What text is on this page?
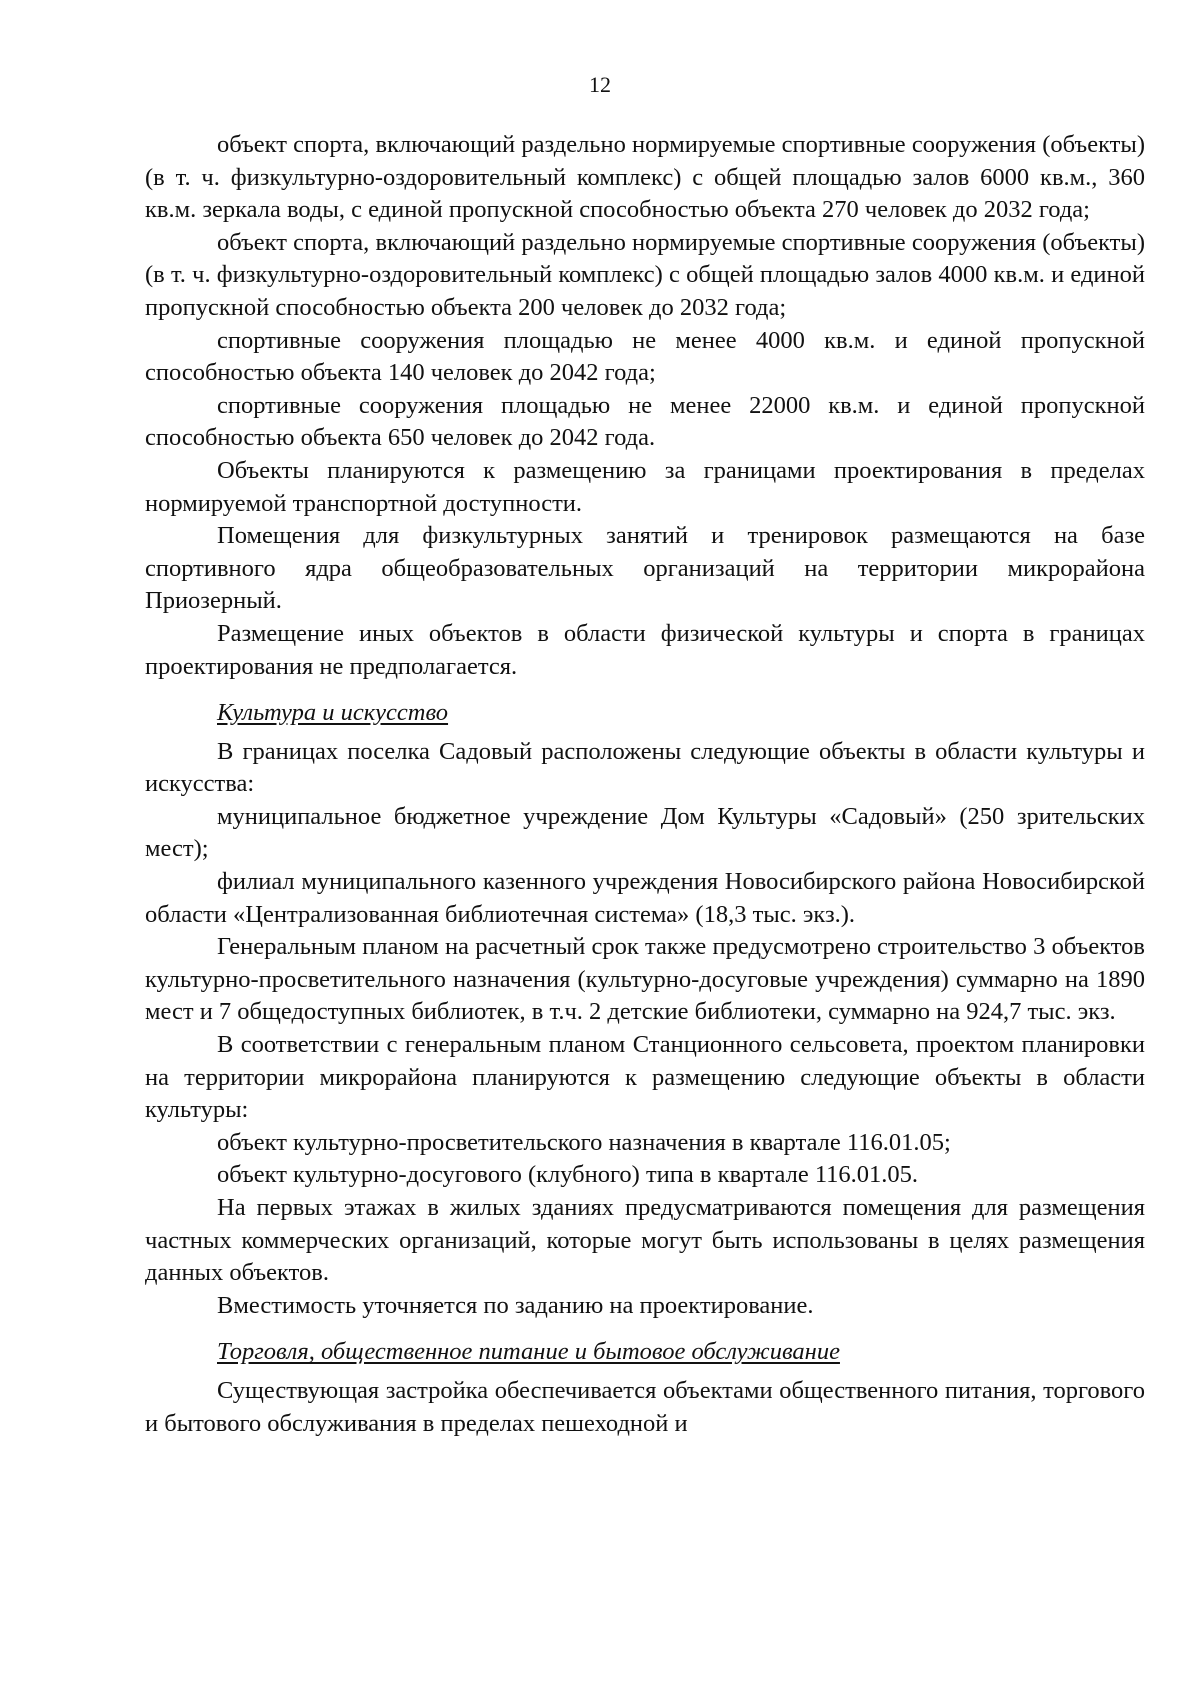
12

объект спорта, включающий раздельно нормируемые спортивные сооружения (объекты) (в т. ч. физкультурно-оздоровительный комплекс) с общей площадью залов 6000 кв.м., 360 кв.м. зеркала воды, с единой пропускной способностью объекта 270 человек до 2032 года;

объект спорта, включающий раздельно нормируемые спортивные сооружения (объекты) (в т. ч. физкультурно-оздоровительный комплекс) с общей площадью залов 4000 кв.м. и единой пропускной способностью объекта 200 человек до 2032 года;

спортивные сооружения площадью не менее 4000 кв.м. и единой пропускной способностью объекта 140 человек до 2042 года;

спортивные сооружения площадью не менее 22000 кв.м. и единой пропускной способностью объекта 650 человек до 2042 года.

Объекты планируются к размещению за границами проектирования в пределах нормируемой транспортной доступности.

Помещения для физкультурных занятий и тренировок размещаются на базе спортивного ядра общеобразовательных организаций на территории микрорайона Приозерный.

Размещение иных объектов в области физической культуры и спорта в границах проектирования не предполагается.

Культура и искусство

В границах поселка Садовый расположены следующие объекты в области культуры и искусства:

муниципальное бюджетное учреждение Дом Культуры «Садовый» (250 зрительских мест);

филиал муниципального казенного учреждения Новосибирского района Новосибирской области «Централизованная библиотечная система» (18,3 тыс. экз.).

Генеральным планом на расчетный срок также предусмотрено строительство 3 объектов культурно-просветительного назначения (культурно-досуговые учреждения) суммарно на 1890 мест и 7 общедоступных библиотек, в т.ч. 2 детские библиотеки, суммарно на 924,7 тыс. экз.

В соответствии с генеральным планом Станционного сельсовета, проектом планировки на территории микрорайона планируются к размещению следующие объекты в области культуры:

объект культурно-просветительского назначения в квартале 116.01.05;

объект культурно-досугового (клубного) типа в квартале 116.01.05.

На первых этажах в жилых зданиях предусматриваются помещения для размещения частных коммерческих организаций, которые могут быть использованы в целях размещения данных объектов.

Вместимость уточняется по заданию на проектирование.

Торговля, общественное питание и бытовое обслуживание

Существующая застройка обеспечивается объектами общественного питания, торгового и бытового обслуживания в пределах пешеходной и
